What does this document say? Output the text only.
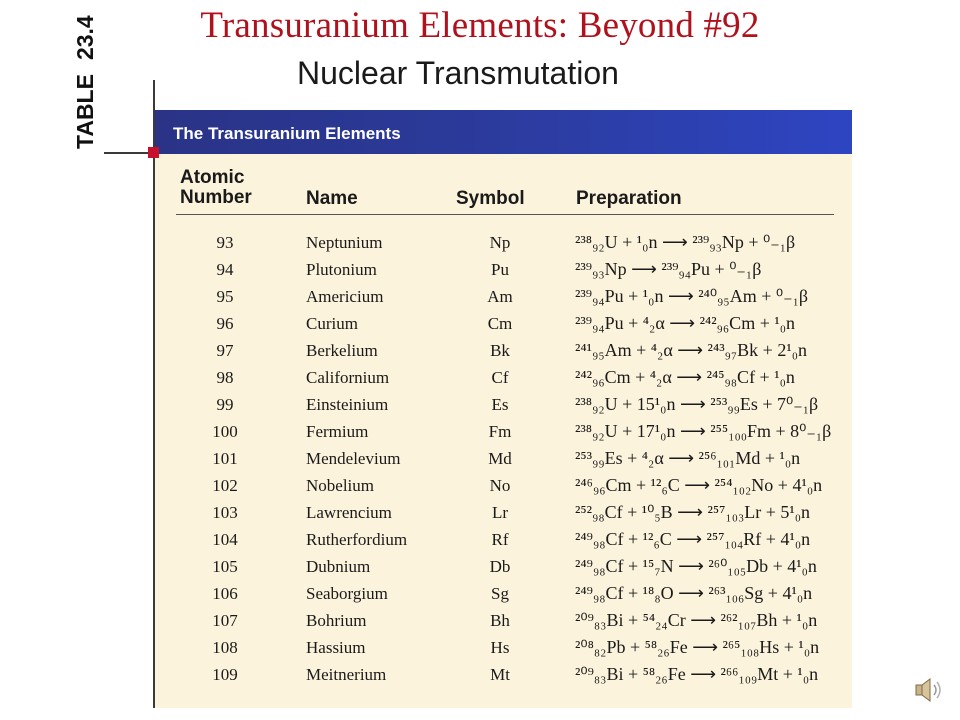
Transuranium Elements: Beyond #92
Nuclear Transmutation
TABLE
23.4
The Transuranium Elements
Atomic Number	Name	Symbol	Preparation
93	Neptunium	Np	²³⁸₉₂U + ¹₀n ⟶ ²³⁹₉₃Np + ⁰₋₁β
94	Plutonium	Pu	²³⁹₉₃Np ⟶ ²³⁹₉₄Pu + ⁰₋₁β
95	Americium	Am	²³⁹₉₄Pu + ¹₀n ⟶ ²⁴⁰₉₅Am + ⁰₋₁β
96	Curium	Cm	²³⁹₉₄Pu + ⁴₂α ⟶ ²⁴²₉₆Cm + ¹₀n
97	Berkelium	Bk	²⁴¹₉₅Am + ⁴₂α ⟶ ²⁴³₉₇Bk + 2¹₀n
98	Californium	Cf	²⁴²₉₆Cm + ⁴₂α ⟶ ²⁴⁵₉₈Cf + ¹₀n
99	Einsteinium	Es	²³⁸₉₂U + 15¹₀n ⟶ ²⁵³₉₉Es + 7⁰₋₁β
100	Fermium	Fm	²³⁸₉₂U + 17¹₀n ⟶ ²⁵⁵₁₀₀Fm + 8⁰₋₁β
101	Mendelevium	Md	²⁵³₉₉Es + ⁴₂α ⟶ ²⁵⁶₁₀₁Md + ¹₀n
102	Nobelium	No	²⁴⁶₉₆Cm + ¹²₆C ⟶ ²⁵⁴₁₀₂No + 4¹₀n
103	Lawrencium	Lr	²⁵²₉₈Cf + ¹⁰₅B ⟶ ²⁵⁷₁₀₃Lr + 5¹₀n
104	Rutherfordium	Rf	²⁴⁹₉₈Cf + ¹²₆C ⟶ ²⁵⁷₁₀₄Rf + 4¹₀n
105	Dubnium	Db	²⁴⁹₉₈Cf + ¹⁵₇N ⟶ ²⁶⁰₁₀₅Db + 4¹₀n
106	Seaborgium	Sg	²⁴⁹₉₈Cf + ¹⁸₈O ⟶ ²⁶³₁₀₆Sg + 4¹₀n
107	Bohrium	Bh	²⁰⁹₈₃Bi + ⁵⁴₂₄Cr ⟶ ²⁶²₁₀₇Bh + ¹₀n
108	Hassium	Hs	²⁰⁸₈₂Pb + ⁵⁸₂₆Fe ⟶ ²⁶⁵₁₀₈Hs + ¹₀n
109	Meitnerium	Mt	²⁰⁹₈₃Bi + ⁵⁸₂₆Fe ⟶ ²⁶⁶₁₀₉Mt + ¹₀n
